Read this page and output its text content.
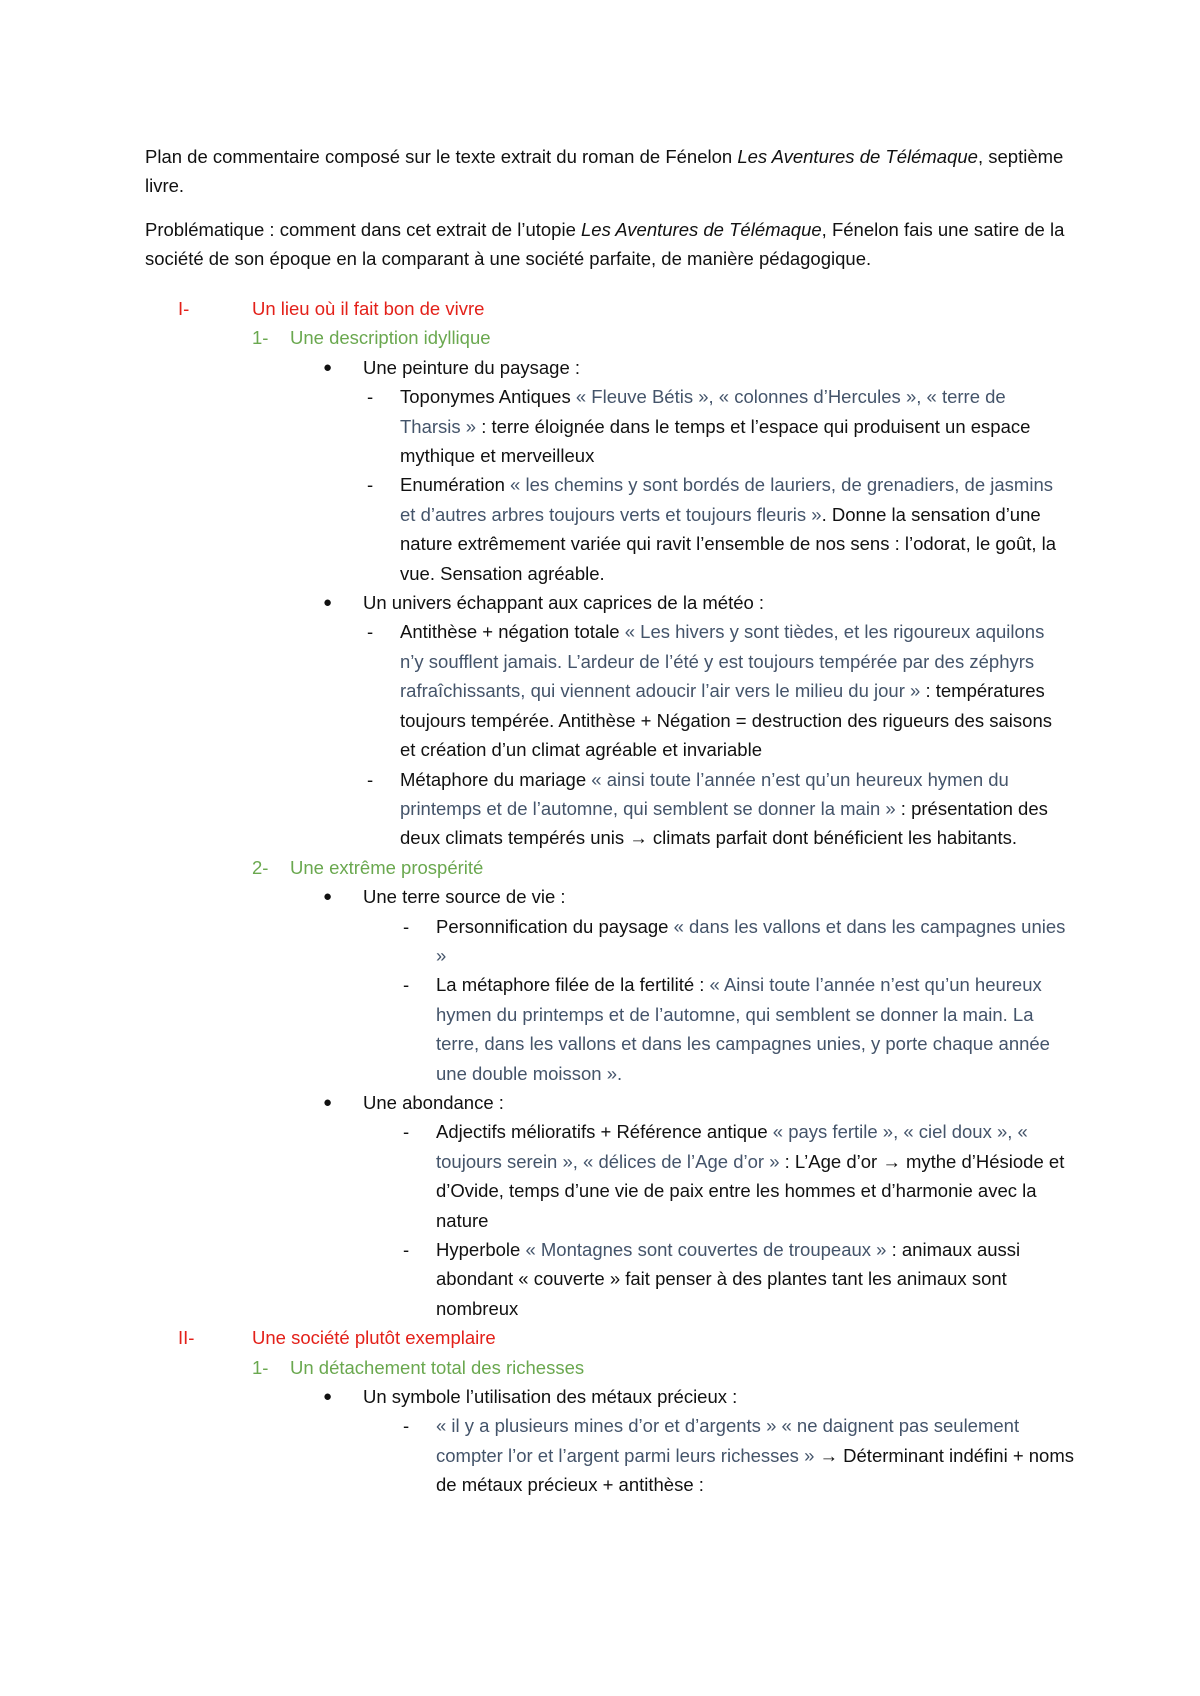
Plan de commentaire composé sur le texte extrait du roman de Fénelon Les Aventures de Télémaque, septième livre.

Problématique : comment dans cet extrait de l’utopie Les Aventures de Télémaque, Fénelon fais une satire de la société de son époque en la comparant à une société parfaite, de manière pédagogique.

I-	Un lieu où il fait bon de vivre
1- Une description idyllique
● Une peinture du paysage :
- Toponymes Antiques « Fleuve Bétis », « colonnes d’Hercules », « terre de Tharsis » : terre éloignée dans le temps et l’espace qui produisent un espace mythique et merveilleux
- Enumération « les chemins y sont bordés de lauriers, de grenadiers, de jasmins et d’autres arbres toujours verts et toujours fleuris ». Donne la sensation d’une nature extrêmement variée qui ravit l’ensemble de nos sens : l’odorat, le goût, la vue. Sensation agréable.
● Un univers échappant aux caprices de la météo :
- Antithèse + négation totale « Les hivers y sont tièdes, et les rigoureux aquilons n’y soufflent jamais. L’ardeur de l’été y est toujours tempérée par des zéphyrs rafraîchissants, qui viennent adoucir l’air vers le milieu du jour » : températures toujours tempérée. Antithèse + Négation = destruction des rigueurs des saisons et création d’un climat agréable et invariable
- Métaphore du mariage « ainsi toute l’année n’est qu’un heureux hymen du printemps et de l’automne, qui semblent se donner la main » : présentation des deux climats tempérés unis → climats parfait dont bénéficient les habitants.
2- Une extrême prospérité
● Une terre source de vie :
- Personnification du paysage « dans les vallons et dans les campagnes unies »
- La métaphore filée de la fertilité : « Ainsi toute l’année n’est qu’un heureux hymen du printemps et de l’automne, qui semblent se donner la main. La terre, dans les vallons et dans les campagnes unies, y porte chaque année une double moisson ».
● Une abondance :
- Adjectifs mélioratifs + Référence antique « pays fertile », « ciel doux », « toujours serein », « délices de l’Age d’or » : L’Age d’or → mythe d’Hésiode et d’Ovide, temps d’une vie de paix entre les hommes et d’harmonie avec la nature
- Hyperbole « Montagnes sont couvertes de troupeaux » : animaux aussi abondant « couverte » fait penser à des plantes tant les animaux sont nombreux
II-	Une société plutôt exemplaire
1- Un détachement total des richesses
● Un symbole l’utilisation des métaux précieux :
- « il y a plusieurs mines d’or et d’argents » « ne daignent pas seulement compter l’or et l’argent parmi leurs richesses » → Déterminant indéfini + noms de métaux précieux + antithèse :
